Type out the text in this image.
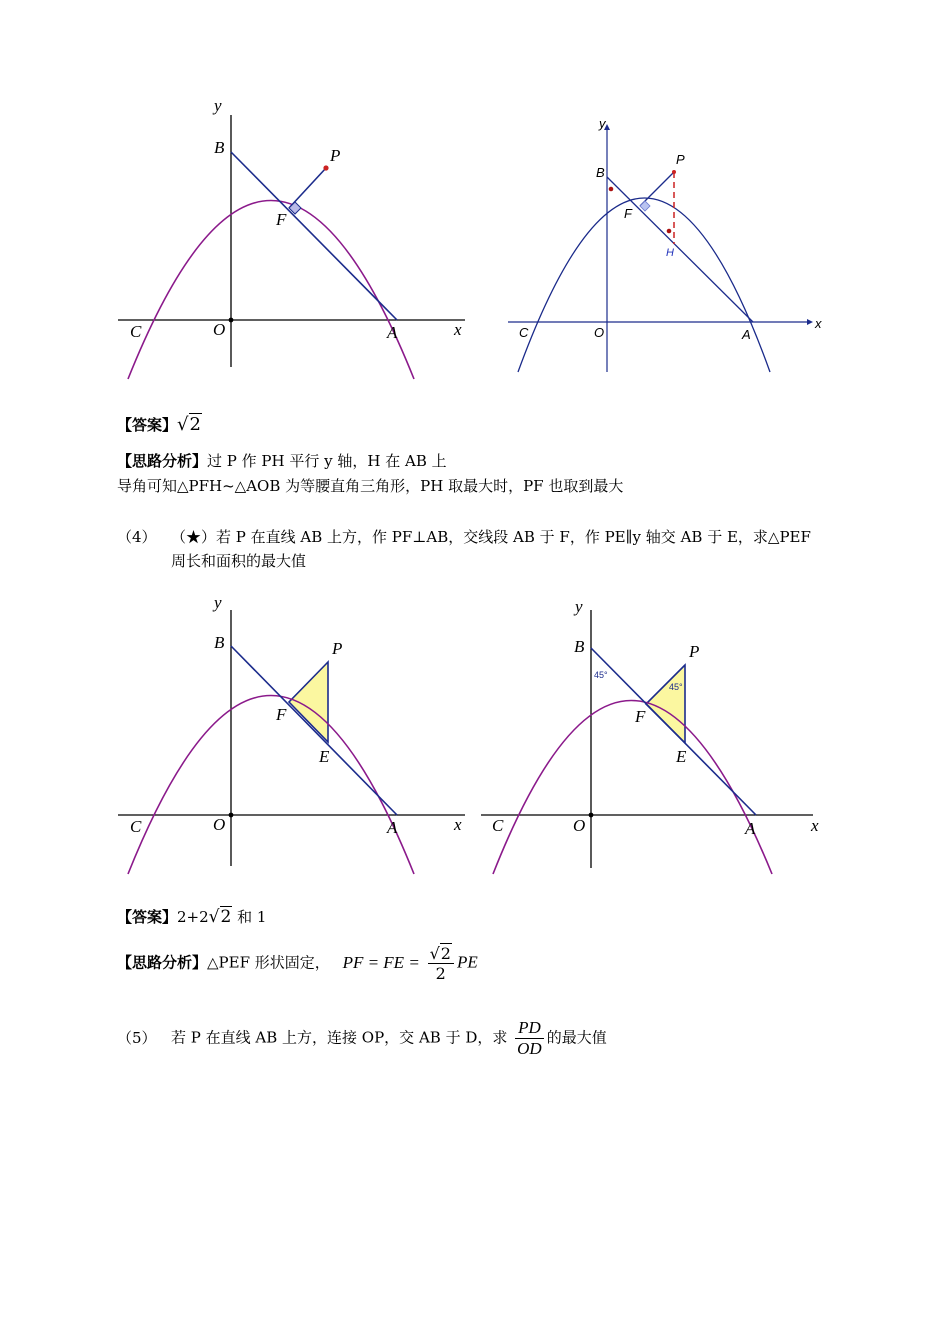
y
x
B	P
F
C	O	A
y
x
B
P
F
H
C	O	A
【答案】√2
【思路分析】过 P 作 PH 平行 y 轴，H 在 AB 上
导角可知△PFH~△AOB 为等腰直角三角形，PH 取最大时，PF 也取到最大
（4） （★）若 P 在直线 AB 上方，作 PF⊥AB，交线段 AB 于 F，作 PE∥y 轴交 AB 于 E，求△PEF
周长和面积的最大值
y
x
B	P
F
E
C	O	A
y
x
B	P
F
E
C	O	A
45°
45°
【答案】2+2√2 和 1
【思路分析】△PEF 形状固定， PF = FE = $\frac{√2}{2}$ PE
（5） 若 P 在直线 AB 上方，连接 OP，交 AB 于 D，求 $\frac{PD}{OD}$ 的最大值
